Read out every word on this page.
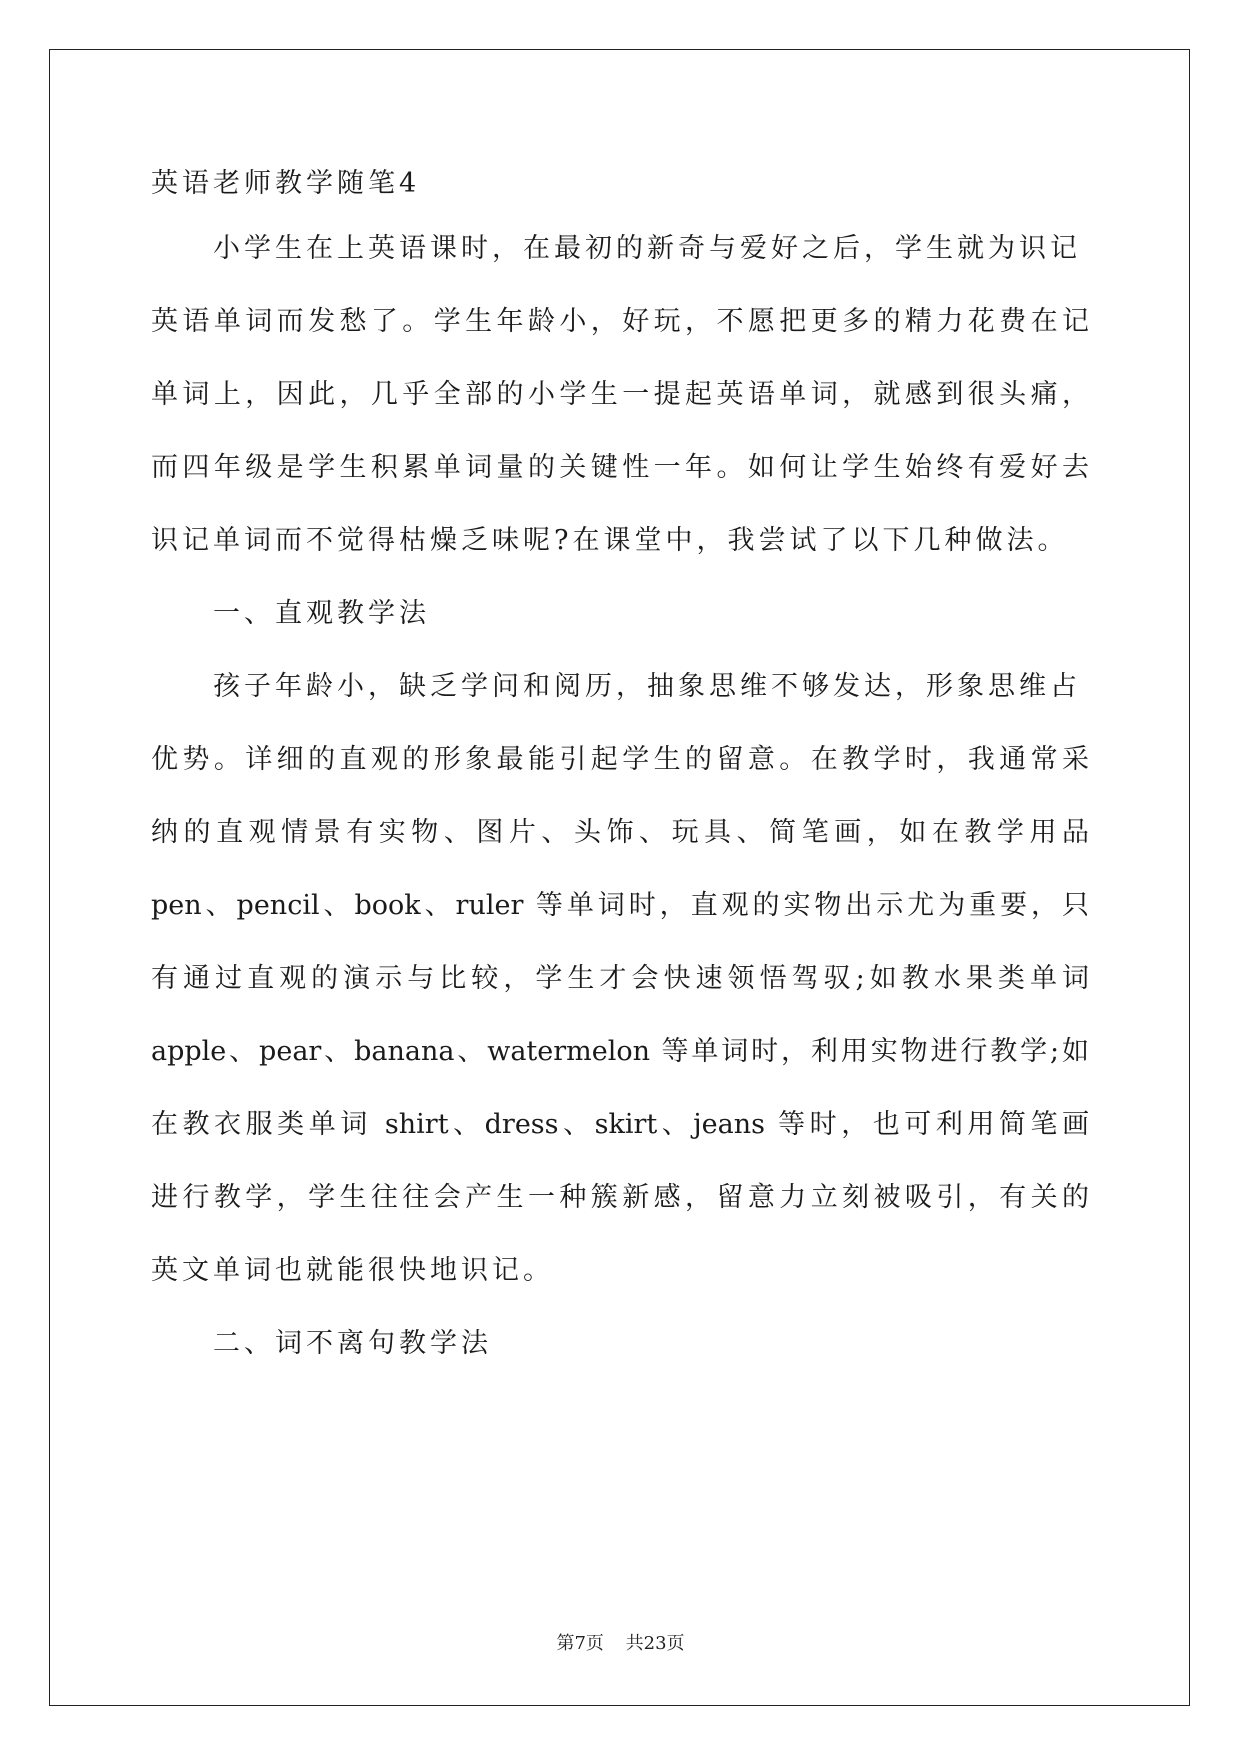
英语老师教学随笔4
小学生在上英语课时，在最初的新奇与爱好之后，学生就为识记
英语单词而发愁了。学生年龄小，好玩，不愿把更多的精力花费在记
单词上，因此，几乎全部的小学生一提起英语单词，就感到很头痛，
而四年级是学生积累单词量的关键性一年。如何让学生始终有爱好去
识记单词而不觉得枯燥乏味呢?在课堂中，我尝试了以下几种做法。
一、直观教学法
孩子年龄小，缺乏学问和阅历，抽象思维不够发达，形象思维占
优势。详细的直观的形象最能引起学生的留意。在教学时，我通常采
纳的直观情景有实物、图片、头饰、玩具、简笔画，如在教学用品
pen、pencil、book、ruler 等单词时，直观的实物出示尤为重要，只
有通过直观的演示与比较，学生才会快速领悟驾驭;如教水果类单词
apple、pear、banana、watermelon 等单词时，利用实物进行教学;如
在教衣服类单词 shirt、dress、skirt、jeans 等时，也可利用简笔画
进行教学，学生往往会产生一种簇新感，留意力立刻被吸引，有关的
英文单词也就能很快地识记。
二、词不离句教学法
第7页 共23页
